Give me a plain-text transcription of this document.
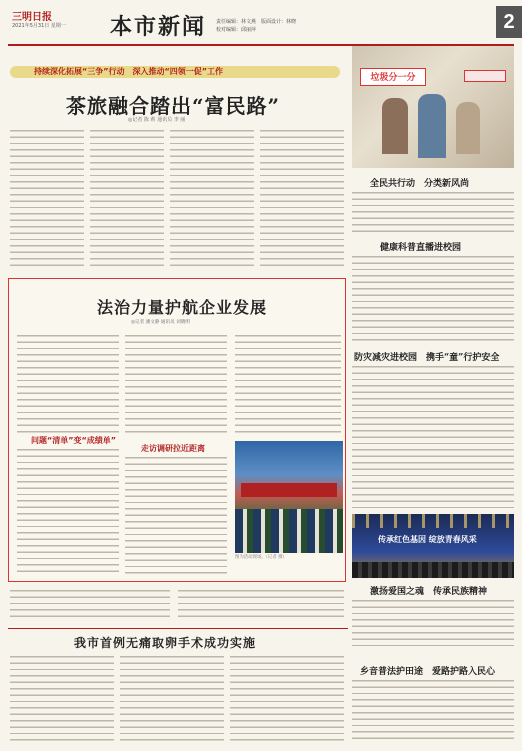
三明日报
2021年5月31日 星期一 本市新闻 责任编辑：林文燕　版面设计：林晓
校对编辑：邱丽萍	2
持续深化拓展“三争”行动　深入推动“四领一促”工作
茶旅融合踏出“富民路”
◎记者 陈 莉 通讯员 李 丽
垃圾分一分
全民共行动　分类新风尚
健康科普直播进校园
防灾减灾进校园　携手“童”行护安全
传承红色基因 绽放青春风采
激扬爱国之魂　传承民族精神
乡音普法护田途　爱路护路入民心
法治力量护航企业发展
◎记者 潘文静 通讯员 刘晓明
问题“清单”变“成绩单”
走访调研拉近距离
图为活动现场。（记者 摄）
我市首例无痛取卵手术成功实施
